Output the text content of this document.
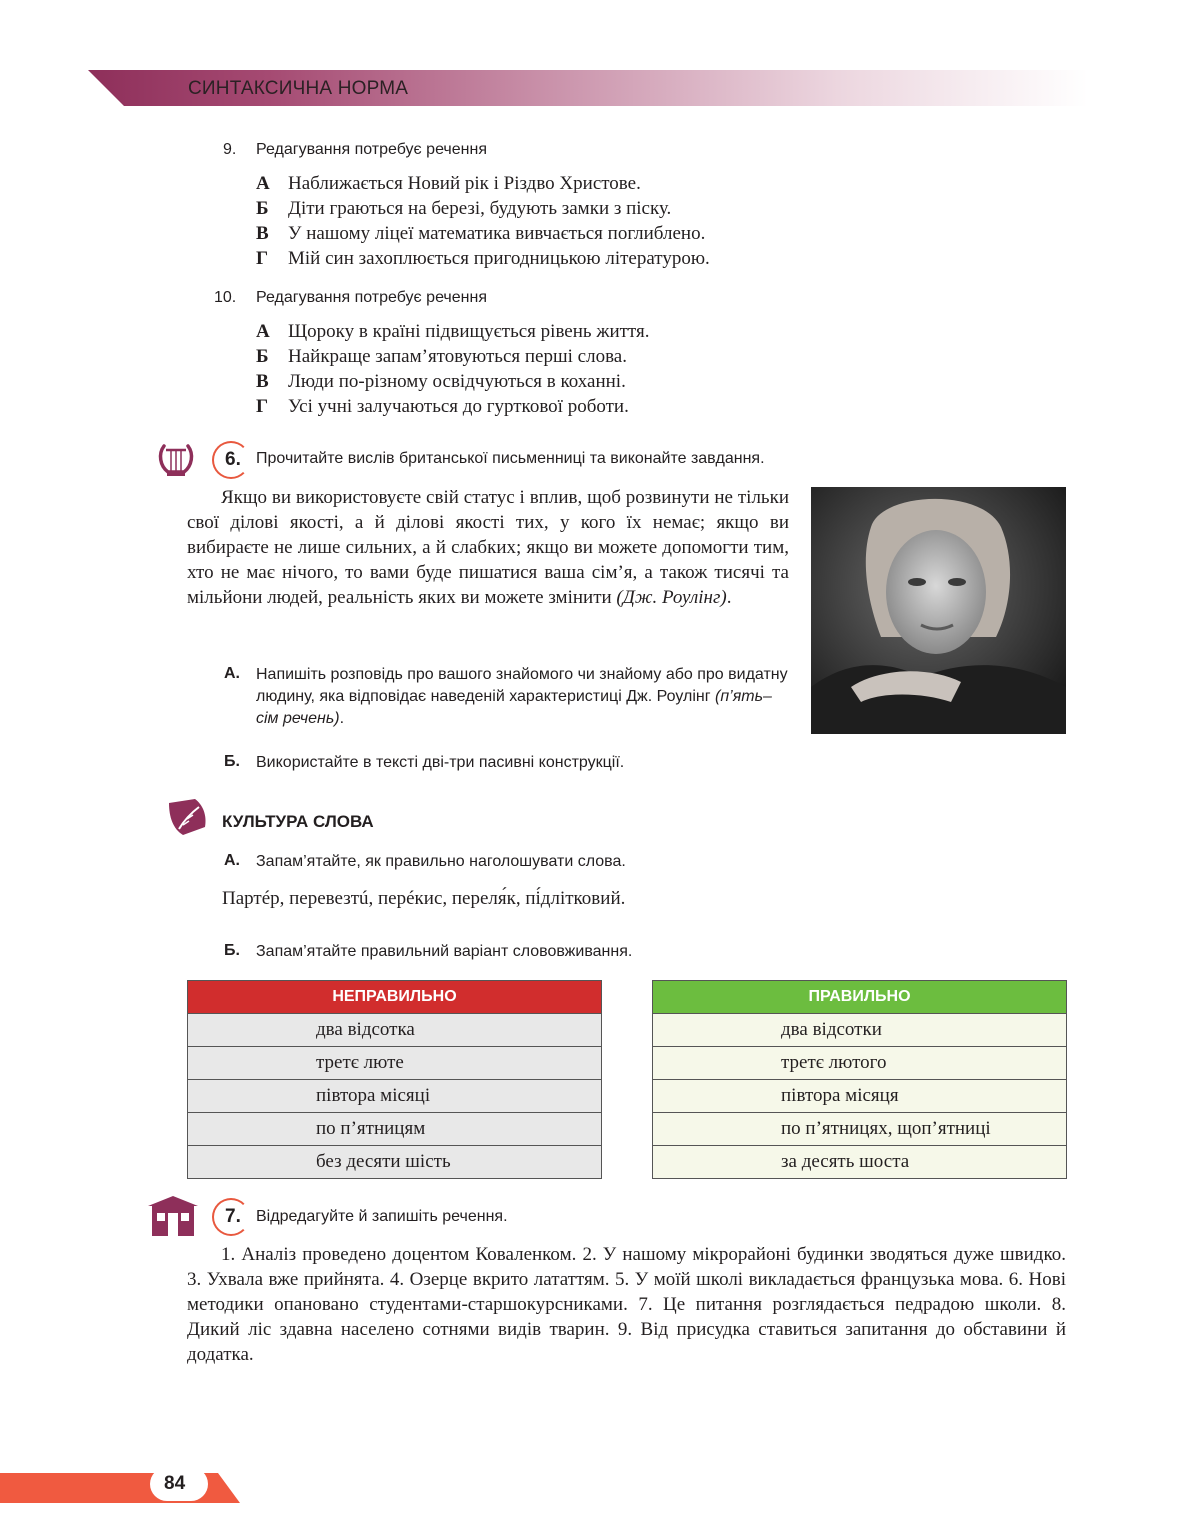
СИНТАКСИЧНА НОРМА
9. Редагування потребує речення
А Наближається Новий рік і Різдво Христове.
Б Діти граються на березі, будують замки з піску.
В У нашому ліцеї математика вивчається поглиблено.
Г Мій син захоплюється пригодницькою літературою.
10. Редагування потребує речення
А Щороку в країні підвищується рівень життя.
Б Найкраще запам’ятовуються перші слова.
В Люди по-різному освідчуються в коханні.
Г Усі учні залучаються до гурткової роботи.
6. Прочитайте вислів британської письменниці та виконайте завдання.
Якщо ви використовуєте свій статус і вплив, щоб розвинути не тільки свої ділові якості, а й ділові якості тих, у кого їх немає; якщо ви вибираєте не лише сильних, а й слабких; якщо ви можете допомогти тим, хто не має нічого, то вами буде пишатися ваша сім’я, а також тисячі та мільйони людей, реальність яких ви можете змінити (Дж. Роулінг).
А. Напишіть розповідь про вашого знайомого чи знайому або про видатну людину, яка відповідає наведеній характеристиці Дж. Роулінг (п’ять–сім речень).
Б. Використайте в тексті дві-три пасивні конструкції.
КУЛЬТУРА СЛОВА
А. Запам’ятайте, як правильно наголошувати слова.
Партéр, перевезтú, перéкис, переля́к, пі́длітковий.
Б. Запам’ятайте правильний варіант слововживання.
НЕПРАВИЛЬНО
два відсотка
третє люте
півтора місяці
по п’ятницям
без десяти шість
ПРАВИЛЬНО
два відсотки
третє лютого
півтора місяця
по п’ятницях, щоп’ятниці
за десять шоста
7. Відредагуйте й запишіть речення.
1. Аналіз проведено доцентом Коваленком. 2. У нашому мікрорайоні будинки зводяться дуже швидко. 3. Ухвала вже прийнята. 4. Озерце вкрито лататтям. 5. У моїй школі викладається французька мова. 6. Нові методики опановано студентами-старшокурсниками. 7. Це питання розглядається педрадою школи. 8. Дикий ліс здавна населено сотнями видів тварин. 9. Від присудка ставиться запитання до обставини й додатка.
84
